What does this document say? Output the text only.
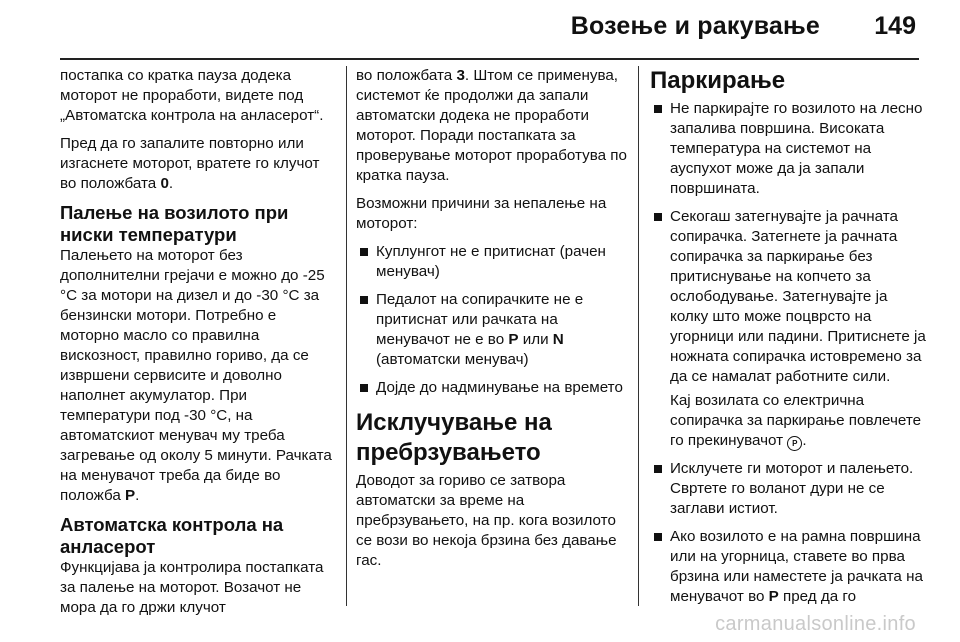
Возење и ракување 149

постапка со кратка пауза додека моторот не проработи, видете под „Автоматска контрола на анласерот“.

Пред да го запалите повторно или изгаснете моторот, вратете го клучот во положбата 0.

Палење на возилото при ниски температури

Палењето на моторот без дополнителни грејачи е можно до -25 °C за мотори на дизел и до -30 °C за бензински мотори. Потребно е моторно масло со правилна вискозност, правилно гориво, да се извршени сервисите и доволно наполнет акумулатор. При температури под -30 °C, на автоматскиот менувач му треба загревање од околу 5 минути. Рачката на менувачот треба да биде во положба P.

Автоматска контрола на анласерот

Функцијава ја контролира постапката за палење на моторот. Возачот не мора да го држи клучот

во положбата 3. Штом се применува, системот ќе продолжи да запали автоматски додека не проработи моторот. Поради постапката за проверување моторот проработува по кратка пауза.

Возможни причини за непалење на моторот:

Куплунгот не е притиснат (рачен менувач)
Педалот на сопирачките не е притиснат или рачката на менувачот не е во P или N (автоматски менувач)
Дојде до надминување на времето
Исклучување на пребрзувањето

Доводот за гориво се затвора автоматски за време на пребрзувањето, на пр. кога возилото се вози во некоја брзина без давање гас.

Паркирање
Не паркирајте го возилото на лесно запалива површина. Високата температура на системот на ауспухот може да ја запали површината.
Секогаш затегнувајте ја рачната сопирачка. Затегнете ја рачната сопирачка за паркирање без притиснување на копчето за ослободување. Затегнувајте ја колку што може поцврсто на угорници или падини. Притиснете ја ножната сопирачка истовремено за да се намалат работните сили.

Кај возилата со електрична сопирачка за паркирање повлечете го прекинувачот P .

Исклучете ги моторот и палењето. Свртете го воланот дури не се заглави истиот.
Ако возилото е на рамна површина или на угорница, ставете во прва брзина или наместете ја рачката на менувачот во P пред да го
carmanualsonline.info
